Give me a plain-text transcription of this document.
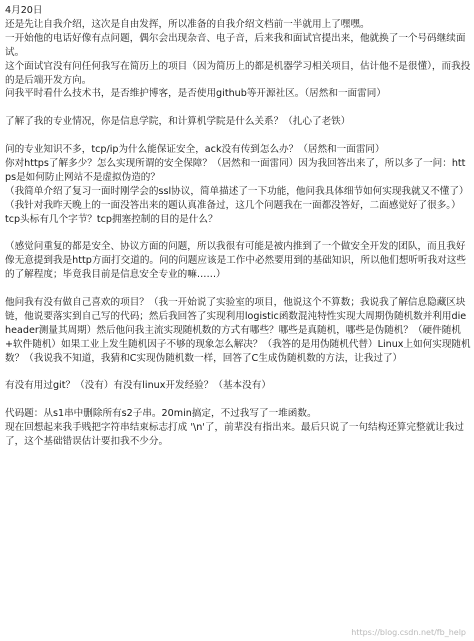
4月20日

还是先让自我介绍，这次是自由发挥，所以准备的自我介绍文档前一半就用上了嘿嘿。

一开始他的电话好像有点问题，偶尔会出现杂音、电子音，后来我和面试官提出来，他就换了一个号码继续面试。

这个面试官没有问任何我写在简历上的项目（因为简历上的都是机器学习相关项目，估计他不是很懂），而我投的是后端开发方向。

问我平时看什么技术书，是否维护博客，是否使用github等开源社区。（居然和一面雷同）

了解了我的专业情况，你是信息学院，和计算机学院是什么关系？（扎心了老铁）

问的专业知识不多，tcp/ip为什么能保证安全，ack没有传到怎么办？（居然和一面雷同）

你对https了解多少？怎么实现所谓的安全保障？（居然和一面雷同）因为我回答出来了，所以多了一问：https是如何防止网站不是虚拟伪造的？

（我简单介绍了复习一面时刚学会的ssl协议，简单描述了一下功能，他问我具体细节如何实现我就又不懂了）

（我针对我昨天晚上的一面没答出来的题认真准备过，这几个问题我在一面都没答好，二面感觉好了很多。）

tcp头标有几个字节？tcp拥塞控制的目的是什么？

（感觉问重复的都是安全、协议方面的问题，所以我很有可能是被内推到了一个做安全开发的团队，而且我好像无意提到我是http方面打交道的。问的问题应该是工作中必然要用到的基础知识，所以他们想听听我对这些的了解程度；毕竟我目前是信息安全专业的嘛……）

他问我有没有做自己喜欢的项目？（我一开始说了实验室的项目，他说这个不算数；我说我了解信息隐藏区块链，他说要落实到自己写的代码；然后我回答了实现利用logistic函数混沌特性实现大周期伪随机数并利用dieheader测量其周期）然后他问我主流实现随机数的方式有哪些？哪些是真随机，哪些是伪随机？（硬件随机+软件随机）如果工业上发生随机因子不够的现象怎么解决？（我答的是用伪随机代替）Linux上如何实现随机数？（我说我不知道，我猜和C实现伪随机数一样，回答了C生成伪随机数的方法，让我过了）

有没有用过git？（没有）有没有linux开发经验？（基本没有）

代码题：从s1串中删除所有s2子串。20min搞定，不过我写了一堆函数。

现在回想起来我手贱把字符串结束标志打成 '\n'了，前辈没有指出来。最后只说了一句结构还算完整就让我过了，这个基础错误估计要扣我不少分。

https://blog.csdn.net/fb_help
